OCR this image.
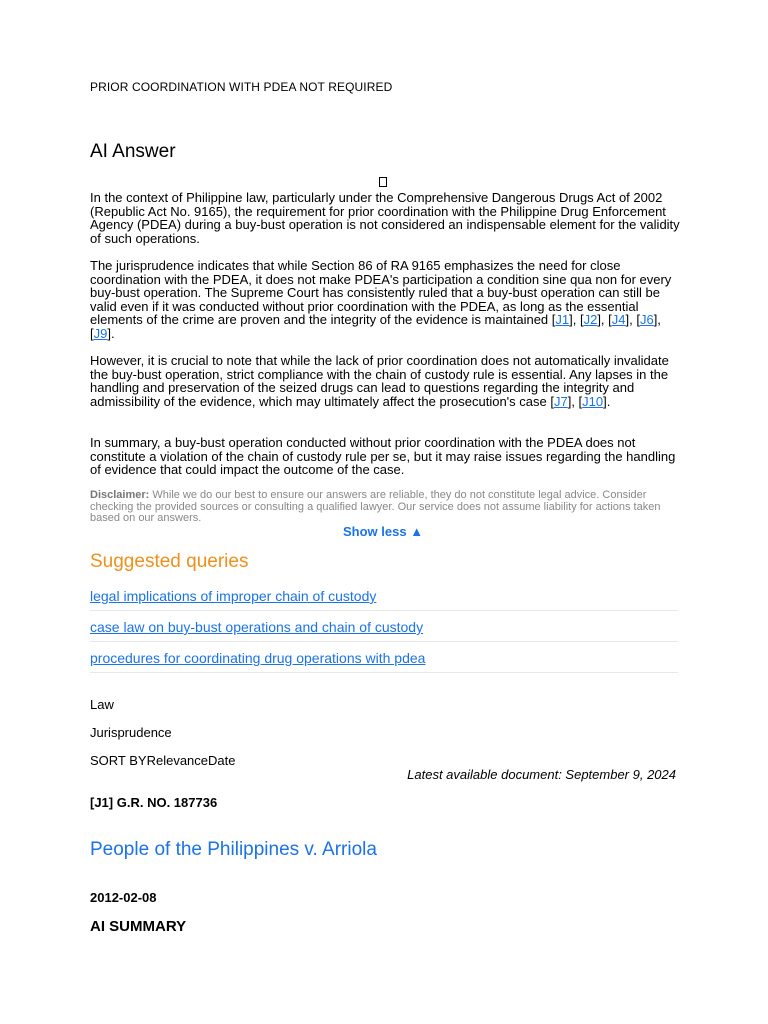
PRIOR COORDINATION WITH PDEA NOT REQUIRED
AI Answer
In the context of Philippine law, particularly under the Comprehensive Dangerous Drugs Act of 2002 (Republic Act No. 9165), the requirement for prior coordination with the Philippine Drug Enforcement Agency (PDEA) during a buy-bust operation is not considered an indispensable element for the validity of such operations.
The jurisprudence indicates that while Section 86 of RA 9165 emphasizes the need for close coordination with the PDEA, it does not make PDEA's participation a condition sine qua non for every buy-bust operation. The Supreme Court has consistently ruled that a buy-bust operation can still be valid even if it was conducted without prior coordination with the PDEA, as long as the essential elements of the crime are proven and the integrity of the evidence is maintained [J1], [J2], [J4], [J6], [J9].
However, it is crucial to note that while the lack of prior coordination does not automatically invalidate the buy-bust operation, strict compliance with the chain of custody rule is essential. Any lapses in the handling and preservation of the seized drugs can lead to questions regarding the integrity and admissibility of the evidence, which may ultimately affect the prosecution's case [J7], [J10].
In summary, a buy-bust operation conducted without prior coordination with the PDEA does not constitute a violation of the chain of custody rule per se, but it may raise issues regarding the handling of evidence that could impact the outcome of the case.
Disclaimer: While we do our best to ensure our answers are reliable, they do not constitute legal advice. Consider checking the provided sources or consulting a qualified lawyer. Our service does not assume liability for actions taken based on our answers.
Show less ▲
Suggested queries
legal implications of improper chain of custody
case law on buy-bust operations and chain of custody
procedures for coordinating drug operations with pdea
Law
Jurisprudence
SORT BYRelevanceDate
Latest available document: September 9, 2024
[J1] G.R. NO. 187736
People of the Philippines v. Arriola
2012-02-08
AI SUMMARY
